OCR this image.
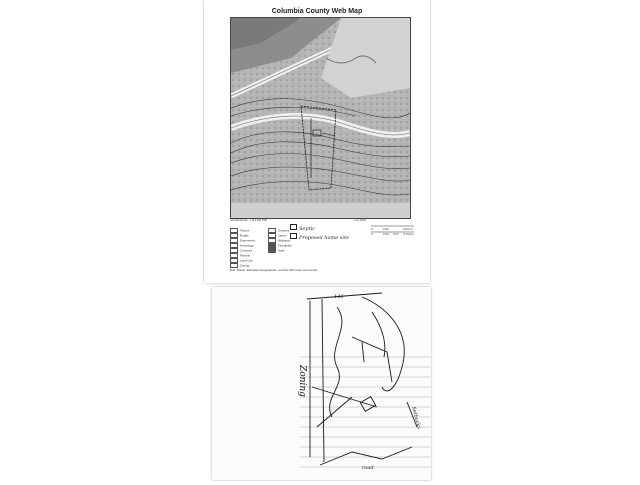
Columbia County Web Map
11/25/2024, 7:01:45 PM	1:2,400
0	0.02	0.04 mi
0	0.02 0.07 0.13 km
Taxlots
Roads
Easements
Hydrology
Contours
Parcels
Land Use
Zoning
Streams
Lakes
Wetlands
Floodplain
Soils
Esri, Maxar, Earthstar Geographics, and the GIS User Community
Septic
Proposed home site
Zoning
Setbacks
146
road
